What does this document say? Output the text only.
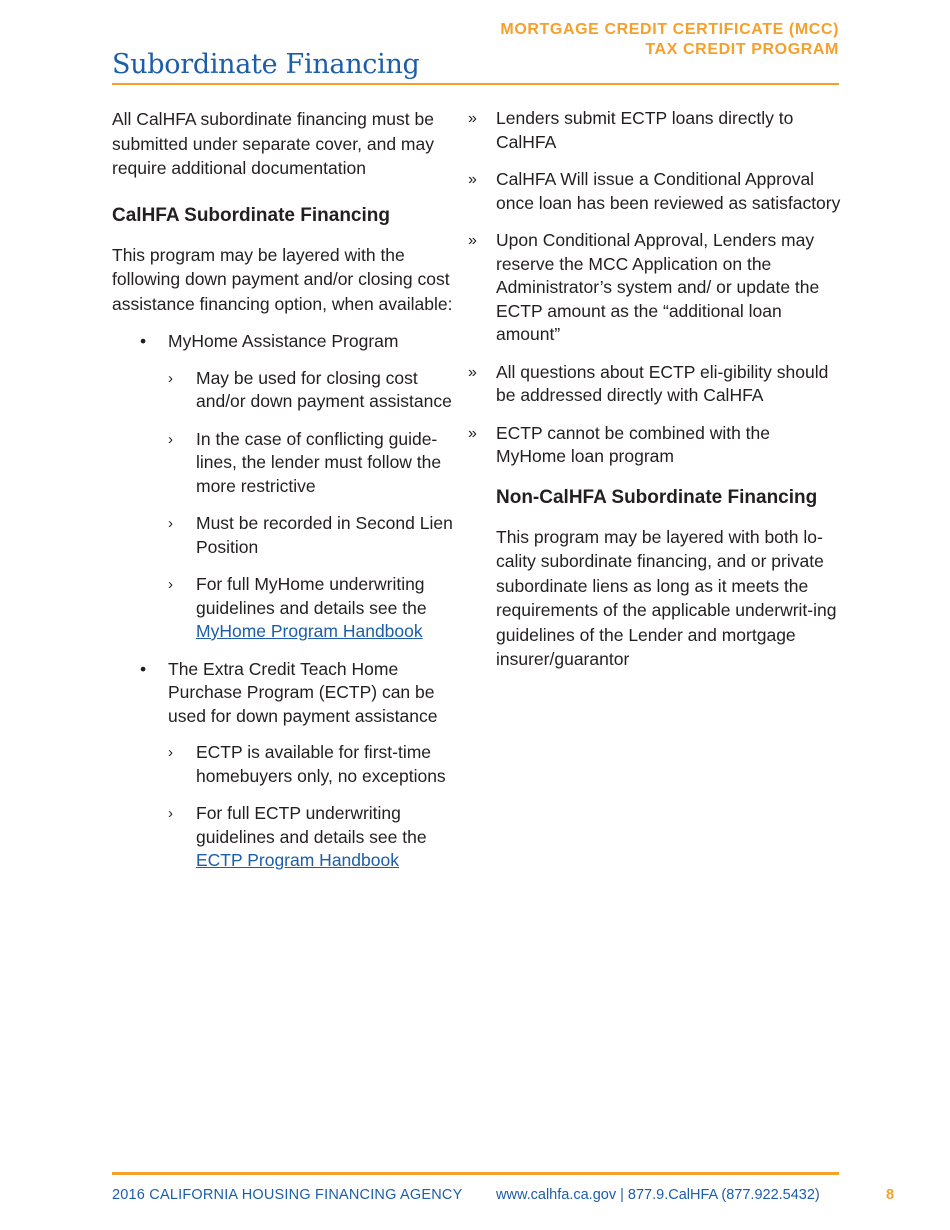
MORTGAGE CREDIT CERTIFICATE (MCC)
TAX CREDIT PROGRAM
Subordinate Financing

All CalHFA subordinate financing must be submitted under separate cover, and may require additional documentation

CalHFA Subordinate Financing

This program may be layered with the following down payment and/or closing cost assistance financing option, when available:

• MyHome Assistance Program
› May be used for closing cost and/or down payment assistance
› In the case of conflicting guide-lines, the lender must follow the more restrictive
› Must be recorded in Second Lien Position
› For full MyHome underwriting guidelines and details see the MyHome Program Handbook
• The Extra Credit Teach Home Purchase Program (ECTP) can be used for down payment assistance
› ECTP is available for first-time homebuyers only, no exceptions
› For full ECTP underwriting guidelines and details see the ECTP Program Handbook
» Lenders submit ECTP loans directly to CalHFA
» CalHFA Will issue a Conditional Approval once loan has been reviewed as satisfactory
» Upon Conditional Approval, Lenders may reserve the MCC Application on the Administrator’s system and/ or update the ECTP amount as the “additional loan amount”
» All questions about ECTP eli-gibility should be addressed directly with CalHFA
» ECTP cannot be combined with the MyHome loan program
Non-CalHFA Subordinate Financing

This program may be layered with both lo-cality subordinate financing, and or private subordinate liens as long as it meets the requirements of the applicable underwrit-ing guidelines of the Lender and mortgage insurer/guarantor

2016 CALIFORNIA HOUSING FINANCING AGENCY www.calhfa.ca.gov | 877.9.CalHFA (877.922.5432)	8
